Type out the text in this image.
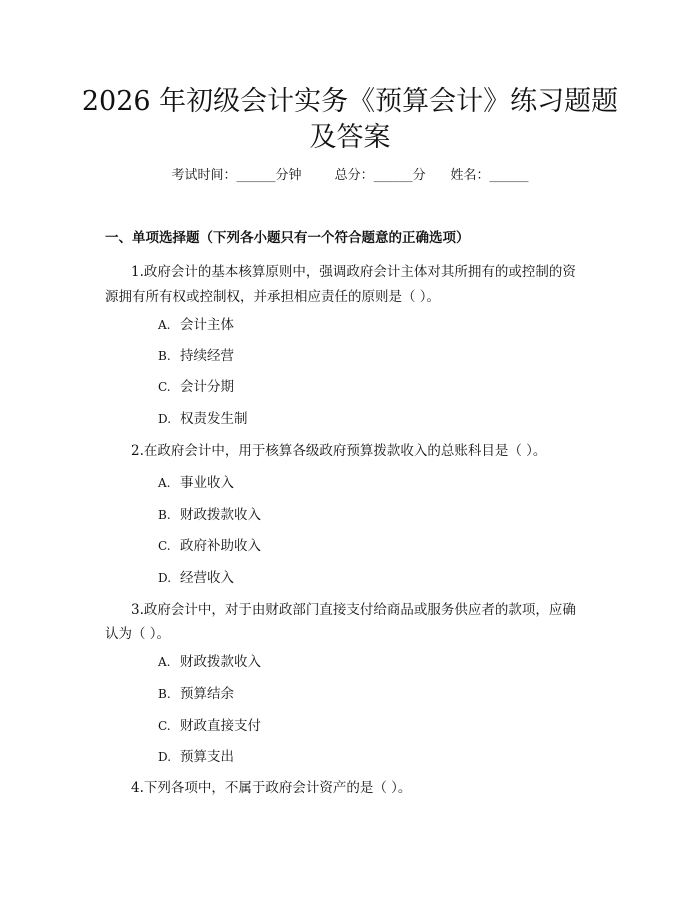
2026 年初级会计实务《预算会计》练习题题
及答案
考试时间：______分钟	总分：______分 姓名：______
一、单项选择题（下列各小题只有一个符合题意的正确选项）
1.政府会计的基本核算原则中，强调政府会计主体对其所拥有的或控制的资
源拥有所有权或控制权，并承担相应责任的原则是（ ）。
A. 会计主体
B. 持续经营
C. 会计分期
D. 权责发生制
2.在政府会计中，用于核算各级政府预算拨款收入的总账科目是（ ）。
A. 事业收入
B. 财政拨款收入
C. 政府补助收入
D. 经营收入
3.政府会计中，对于由财政部门直接支付给商品或服务供应者的款项，应确
认为（ ）。
A. 财政拨款收入
B. 预算结余
C. 财政直接支付
D. 预算支出
4.下列各项中，不属于政府会计资产的是（ ）。
